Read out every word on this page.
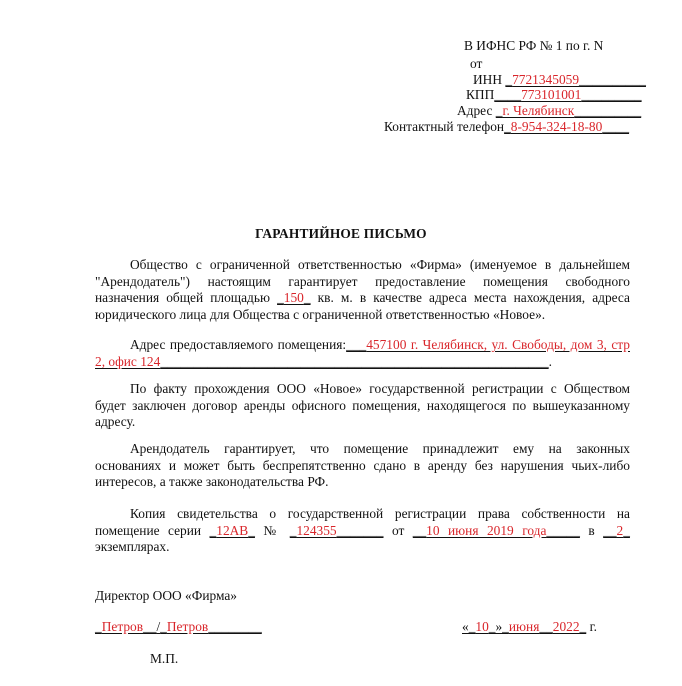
В ИФНС РФ № 1 по г. N
от
ИНН _7721345059__________
КПП____773101001_________
Адрес _г. Челябинск__________
Контактный телефон_8-954-324-18-80____
ГАРАНТИЙНОЕ ПИСЬМО
Общество с ограниченной ответственностью «Фирма» (именуемое в дальнейшем
"Арендодатель") настоящим гарантирует предоставление помещения свободного
назначения общей площадью _150_ кв. м. в качестве адреса места нахождения, адреса
юридического лица для Общества с ограниченной ответственностью «Новое».
Адрес предоставляемого помещения:___457100 г. Челябинск, ул. Свободы, дом 3, стр
2, офис 124__________________________________________________________.
По факту прохождения ООО «Новое» государственной регистрации с Обществом
будет заключен договор аренды офисного помещения, находящегося по вышеуказанному
адресу.
Арендодатель гарантирует, что помещение принадлежит ему на законных
основаниях и может быть беспрепятственно сдано в аренду без нарушения чьих-либо
интересов, а также законодательства РФ.
Копия свидетельства о государственной регистрации права собственности на
помещение серии _12АВ_ № _124355_______ от __10 июня 2019 года_____ в __2_
экземплярах.
Директор ООО «Фирма»
_Петров__/_Петров________	«_10_»_июня__2022_ г.
М.П.
